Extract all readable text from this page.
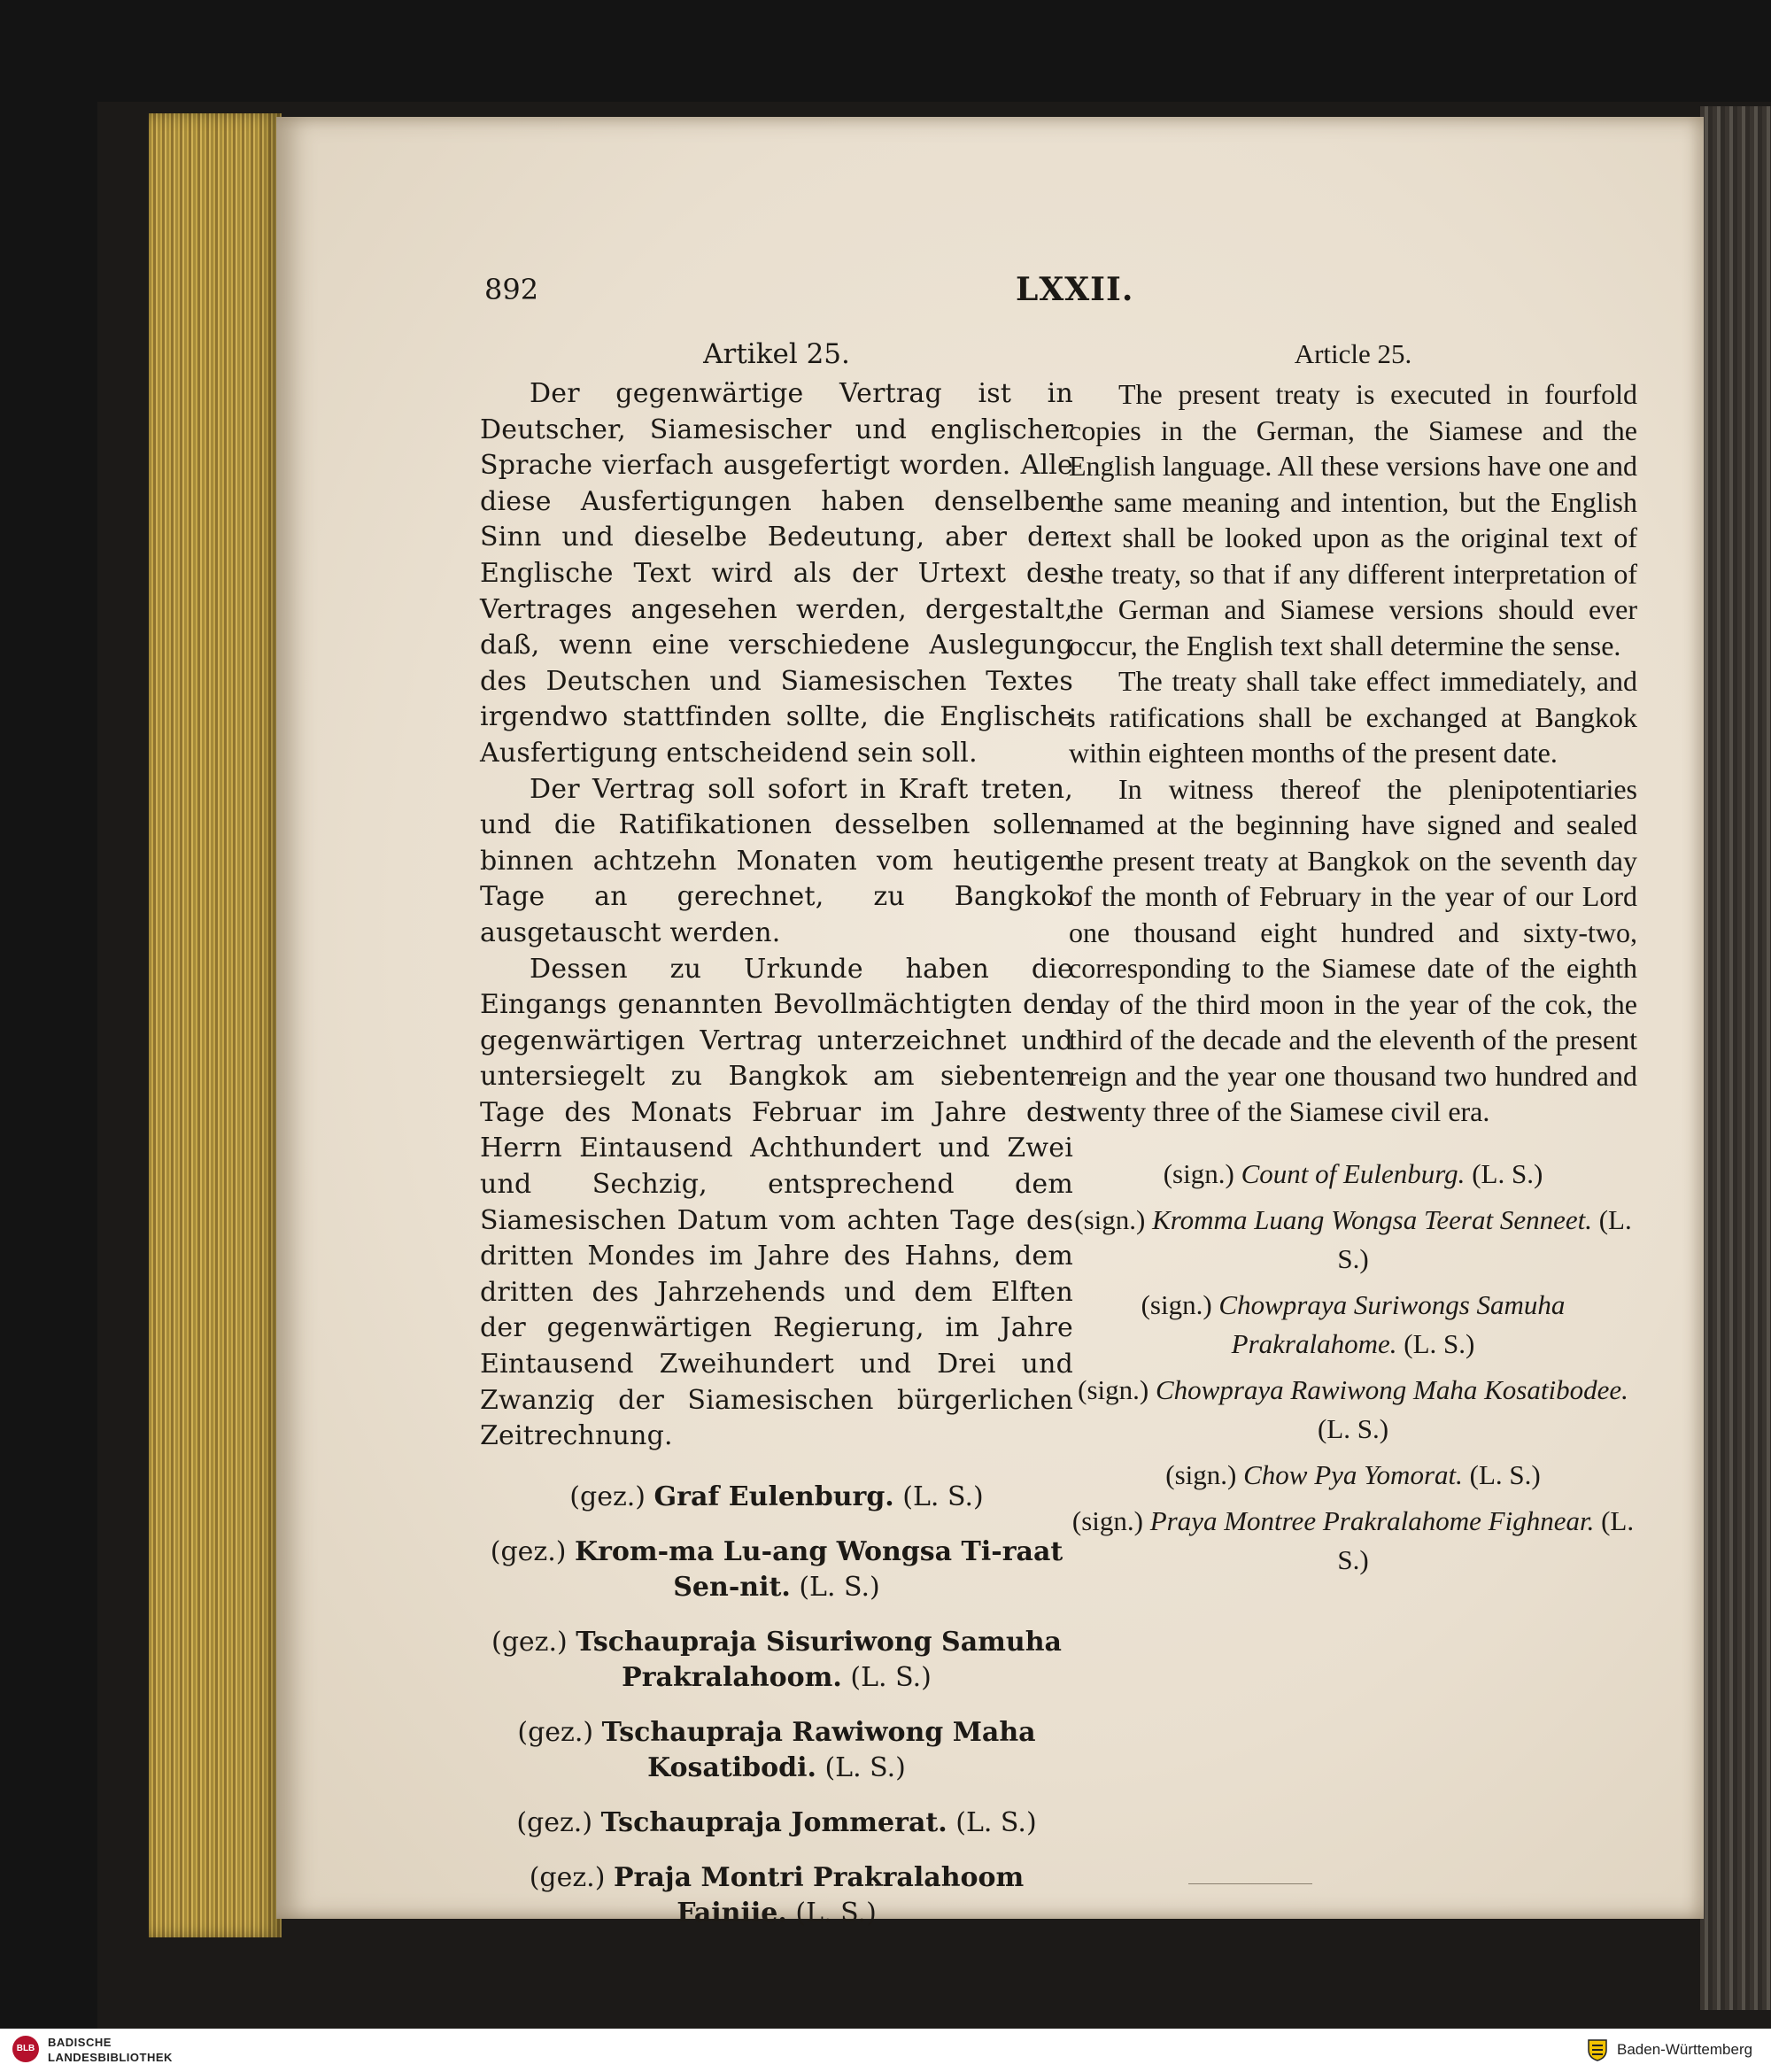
892	LXXII.
Artikel 25.

Der gegenwärtige Vertrag ist in Deutscher, Siamesischer und englischer Sprache vierfach ausgefertigt worden. Alle diese Ausfertigungen haben denselben Sinn und dieselbe Bedeutung, aber der Englische Text wird als der Urtext des Vertrages angesehen werden, dergestalt, daß, wenn eine verschiedene Auslegung des Deutschen und Siamesischen Textes irgendwo stattfinden sollte, die Englische Ausfertigung entscheidend sein soll.

Der Vertrag soll sofort in Kraft treten, und die Ratifikationen desselben sollen binnen achtzehn Monaten vom heutigen Tage an gerechnet, zu Bangkok ausgetauscht werden.

Dessen zu Urkunde haben die Eingangs genannten Bevollmächtigten den gegenwärtigen Vertrag unterzeichnet und untersiegelt zu Bangkok am siebenten Tage des Monats Februar im Jahre des Herrn Eintausend Achthundert und Zwei und Sechzig, entsprechend dem Siamesischen Datum vom achten Tage des dritten Mondes im Jahre des Hahns, dem dritten des Jahrzehends und dem Elften der gegenwärtigen Regierung, im Jahre Eintausend Zweihundert und Drei und Zwanzig der Siamesischen bürgerlichen Zeitrechnung.

(gez.) Graf Eulenburg. (L. S.)
(gez.) Krom-ma Lu-ang Wongsa Ti-raat Sen-nit. (L. S.)
(gez.) Tschaupraja Sisuriwong Samuha Prakralahoom. (L. S.)
(gez.) Tschaupraja Rawiwong Maha Kosatibodi. (L. S.)
(gez.) Tschaupraja Jommerat. (L. S.)
(gez.) Praja Montri Prakralahoom Fainiie. (L. S.)
Article 25.

The present treaty is executed in fourfold copies in the German, the Siamese and the English language. All these versions have one and the same meaning and intention, but the English text shall be looked upon as the original text of the treaty, so that if any different interpretation of the German and Siamese versions should ever occur, the English text shall determine the sense.

The treaty shall take effect immediately, and its ratifications shall be exchanged at Bangkok within eighteen months of the present date.

In witness thereof the plenipotentiaries named at the beginning have signed and sealed the present treaty at Bangkok on the seventh day of the month of February in the year of our Lord one thousand eight hundred and sixty-two, corresponding to the Siamese date of the eighth day of the third moon in the year of the cok, the third of the decade and the eleventh of the present reign and the year one thousand two hundred and twenty three of the Siamese civil era.

(sign.) Count of Eulenburg. (L. S.)
(sign.) Kromma Luang Wongsa Teerat Senneet. (L. S.)
(sign.) Chowpraya Suriwongs Samuha Prakralahome. (L. S.)
(sign.) Chowpraya Rawiwong Maha Kosatibodee. (L. S.)
(sign.) Chow Pya Yomorat. (L. S.)
(sign.) Praya Montree Prakralahome Fighnear. (L. S.)
BLB	BADISCHE
LANDESBIBLIOTHEK	Baden-Württemberg
